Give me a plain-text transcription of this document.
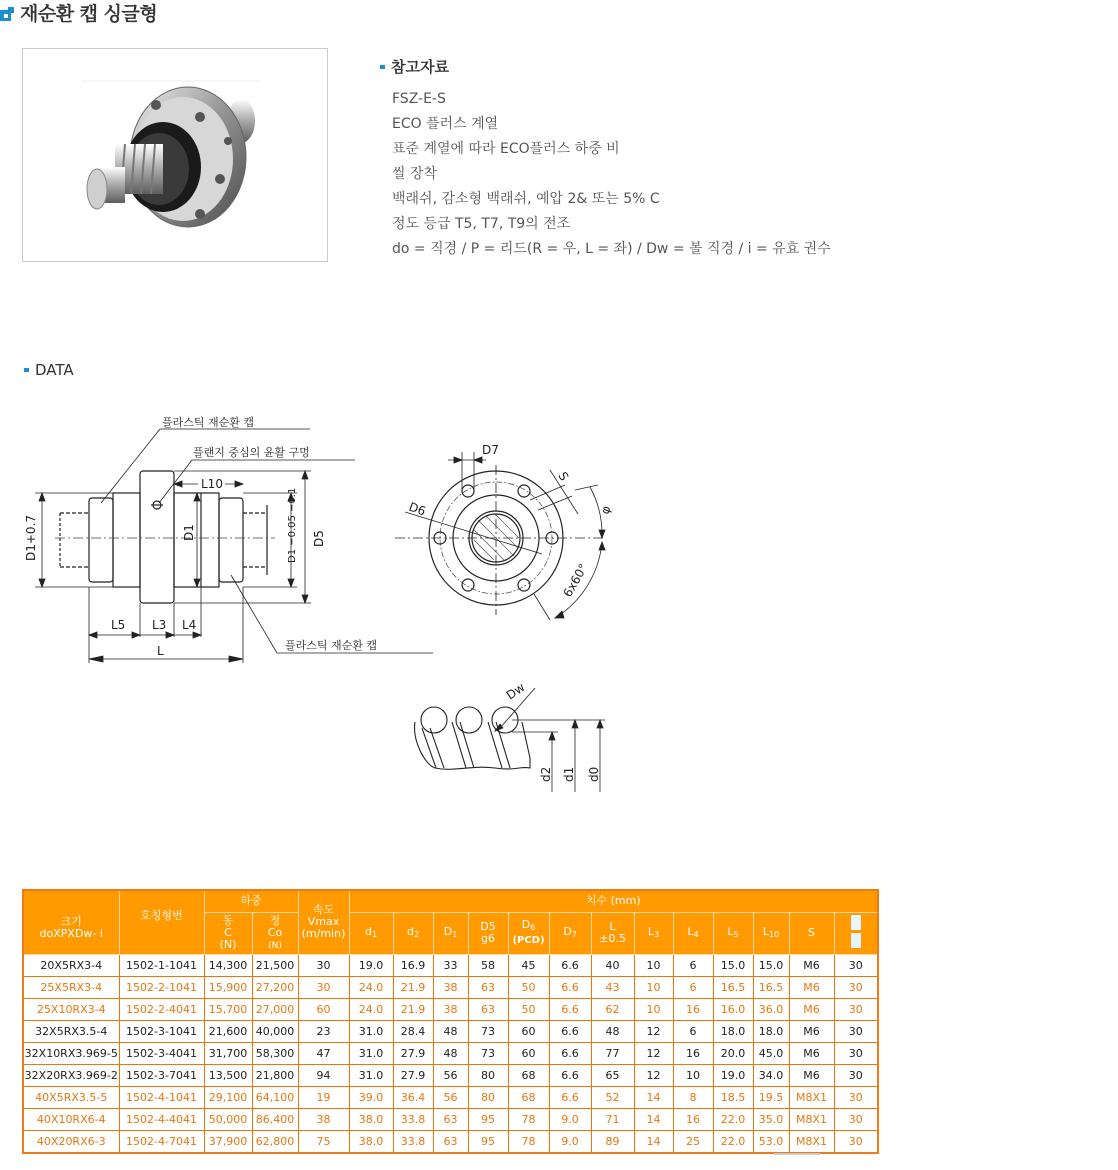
재순환 캡 싱글형
참고자료
FSZ-E-S
ECO 플러스 계열
표준 계열에 따라 ECO플러스 하중 비
씰 장착
백래쉬, 감소형 백래쉬, 예압 2& 또는 5% C
정도 등급 T5, T7, T9의 전조
do = 직경 / P = 리드(R = 우, L = 좌) / Dw = 볼 직경 / i = 유효 권수
DATA
플라스틱 재순환 캡
플랜지 중심의 윤활 구멍
플라스틱 재순환 캡
L10
L5 L3 L4
L
D1+0.7	D1	D1 −0.05 −0.1 D5
D7
D6
S
φ
6x60°
Dw
d2 d1 d0

크기
doXPXDw- i	호칭형번	하중		속도
Vmax
(m/min)	치수 (mm)												
		동
C
(N)	정
Co
(N)		$d_1$	$d_2$	$D_1$	D5
g6	$D_6$
(PCD)	$D_7$	L
±0.5	$L_3$	$L_4$	$L_5$	$L_{10}$	S	

20X5RX3-4	1502-1-1041	14,300	21,500	30	19.0	16.9	33	58	45	6.6	40	10	6	15.0	15.0	M6	30
25X5RX3-4	1502-2-1041	15,900	27,200	30	24.0	21.9	38	63	50	6.6	43	10	6	16.5	16.5	M6	30
25X10RX3-4	1502-2-4041	15,700	27,000	60	24.0	21.9	38	63	50	6.6	62	10	16	16.0	36.0	M6	30
32X5RX3.5-4	1502-3-1041	21,600	40,000	23	31.0	28.4	48	73	60	6.6	48	12	6	18.0	18.0	M6	30
32X10RX3.969-5	1502-3-4041	31,700	58,300	47	31.0	27.9	48	73	60	6.6	77	12	16	20.0	45.0	M6	30
32X20RX3.969-2	1502-3-7041	13,500	21,800	94	31.0	27.9	56	80	68	6.6	65	12	10	19.0	34.0	M6	30
40X5RX3.5-5	1502-4-1041	29,100	64,100	19	39.0	36.4	56	80	68	6.6	52	14	8	18.5	19.5	M8X1	30
40X10RX6-4	1502-4-4041	50,000	86,400	38	38.0	33.8	63	95	78	9.0	71	14	16	22.0	35.0	M8X1	30
40X20RX6-3	1502-4-7041	37,900	62,800	75	38.0	33.8	63	95	78	9.0	89	14	25	22.0	53.0	M8X1	30
